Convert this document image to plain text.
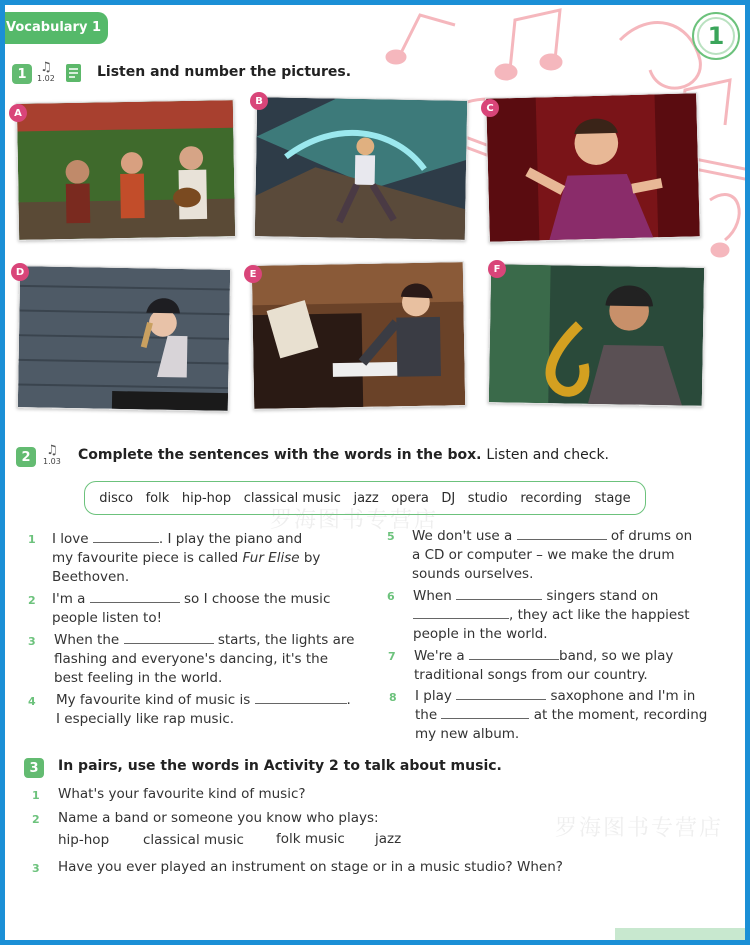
Vocabulary 1	1
1	♫
1.02	Listen and number the pictures.
A
B
C
D	E	F
2	♫
1.03 Complete the sentences with the words in the box. Listen and check.
disco folk hip-hop classical music jazz opera DJ studio recording stage
1 I love	. I play the piano and
my favourite piece is called Fur Elise by
Beethoven.
2 I'm a	so I choose the music
people listen to!
3 When the	starts, the lights are
flashing and everyone's dancing, it's the
best feeling in the world.
4 My favourite kind of music is	.
I especially like rap music.
5 We don't use a	of drums on
a CD or computer – we make the drum
sounds ourselves.
6 When	singers stand on
, they act like the happiest
people in the world.
7 We're a	band, so we play
traditional songs from our country.
8 I play	saxophone and I'm in
the	at the moment, recording
my new album.
3	In pairs, use the words in Activity 2 to talk about music.
1 What's your favourite kind of music?
2 Name a band or someone you know who plays:
hip-hop	classical music folk music jazz
3 Have you ever played an instrument on stage or in a music studio? When?
罗海图书专营店
罗海图书专营店
